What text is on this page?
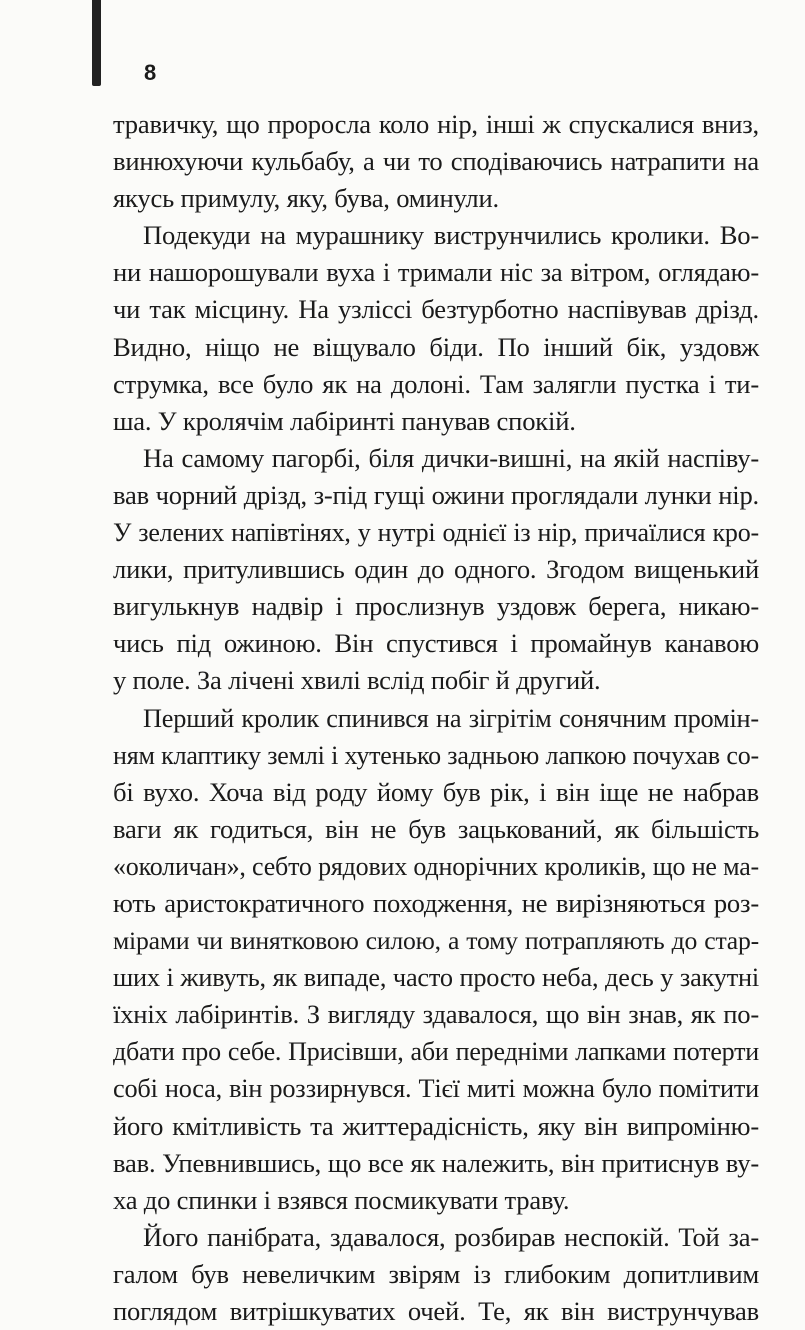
8
травичку, що проросла коло нір, інші ж спускалися вниз,
винюхуючи кульбабу, а чи то сподіваючись натрапити на
якусь примулу, яку, бува, оминули.
Подекуди на мурашнику виструнчились кролики. Во-
ни нашорошували вуха і тримали ніс за вітром, оглядаю-
чи так місцину. На узліссі безтурботно наспівував дрізд.
Видно, ніщо не віщувало біди. По інший бік, уздовж
струмка, все було як на долоні. Там залягли пустка і ти-
ша. У кролячім лабіринті панував спокій.
На самому пагорбі, біля дички-вишні, на якій наспіву-
вав чорний дрізд, з-під гущі ожини проглядали лунки нір.
У зелених напівтінях, у нутрі однієї із нір, причаїлися кро-
лики, притулившись один до одного. Згодом вищенький
вигулькнув надвір і прослизнув уздовж берега, никаю-
чись під ожиною. Він спустився і промайнув канавою
у поле. За лічені хвилі вслід побіг й другий.
Перший кролик спинився на зігрітім сонячним промін-
ням клаптику землі і хутенько задньою лапкою почухав со-
бі вухо. Хоча від роду йому був рік, і він іще не набрав
ваги як годиться, він не був зацькований, як більшість
«околичан», себто рядових однорічних кроликів, що не ма-
ють аристократичного походження, не вирізняються роз-
мірами чи винятковою силою, а тому потрапляють до стар-
ших і живуть, як випаде, часто просто неба, десь у закутні
їхніх лабіринтів. З вигляду здавалося, що він знав, як по-
дбати про себе. Присівши, аби передніми лапками потерти
собі носа, він роззирнувся. Тієї миті можна було помітити
його кмітливість та життерадісність, яку він випроміню-
вав. Упевнившись, що все як належить, він притиснув ву-
ха до спинки і взявся посмикувати траву.
Його панібрата, здавалося, розбирав неспокій. Той за-
галом був невеличким звірям із глибоким допитливим
поглядом витрішкуватих очей. Те, як він виструнчував
